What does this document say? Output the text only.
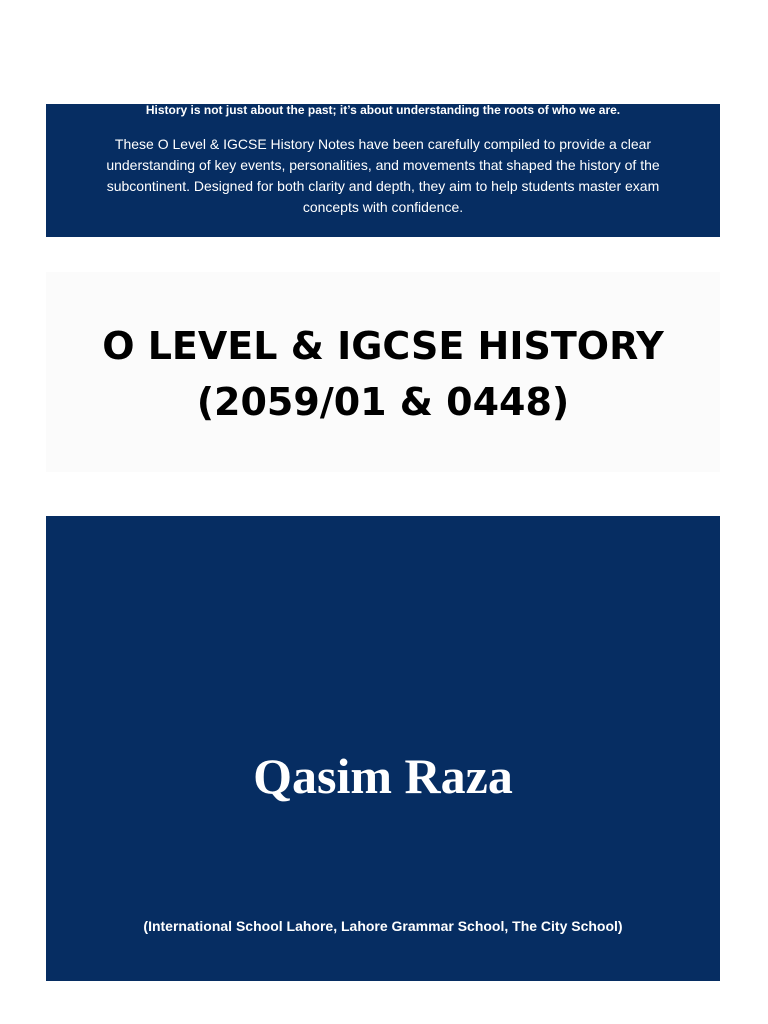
History is not just about the past; it’s about understanding the roots of who we are.
These O Level & IGCSE History Notes have been carefully compiled to provide a clear understanding of key events, personalities, and movements that shaped the history of the subcontinent. Designed for both clarity and depth, they aim to help students master exam concepts with confidence.
O LEVEL & IGCSE HISTORY
(2059/01 & 0448)
Qasim Raza
(International School Lahore, Lahore Grammar School, The City School)
